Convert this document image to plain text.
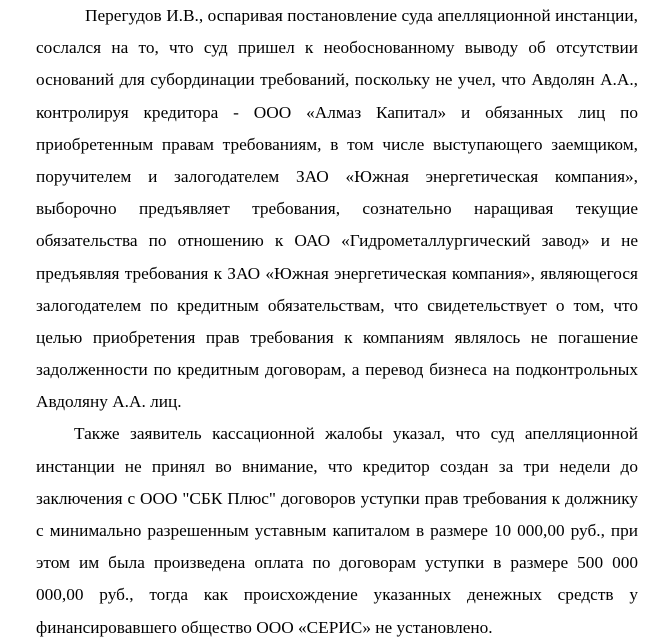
Перегудов И.В., оспаривая постановление суда апелляционной инстанции,
сослался на то, что суд пришел к необоснованному выводу об отсутствии
оснований для субординации требований, поскольку не учел, что Авдолян А.А.,
контролируя кредитора - ООО «Алмаз Капитал» и обязанных лиц по
приобретенным правам требованиям, в том числе выступающего заемщиком,
поручителем и залогодателем ЗАО «Южная энергетическая компания»,
выборочно предъявляет требования, сознательно наращивая текущие
обязательства по отношению к ОАО «Гидрометаллургический завод» и не
предъявляя требования к ЗАО «Южная энергетическая компания», являющегося
залогодателем по кредитным обязательствам, что свидетельствует о том, что
целью приобретения прав требования к компаниям являлось не погашение
задолженности по кредитным договорам, а перевод бизнеса на подконтрольных
Авдоляну А.А. лиц.
Также заявитель кассационной жалобы указал, что суд апелляционной
инстанции не принял во внимание, что кредитор создан за три недели до
заключения с ООО "СБК Плюс" договоров уступки прав требования к должнику
с минимально разрешенным уставным капиталом в размере 10 000,00 руб., при
этом им была произведена оплата по договорам уступки в размере 500 000
000,00 руб., тогда как происхождение указанных денежных средств у
финансировавшего общество ООО «СЕРИС» не установлено.
